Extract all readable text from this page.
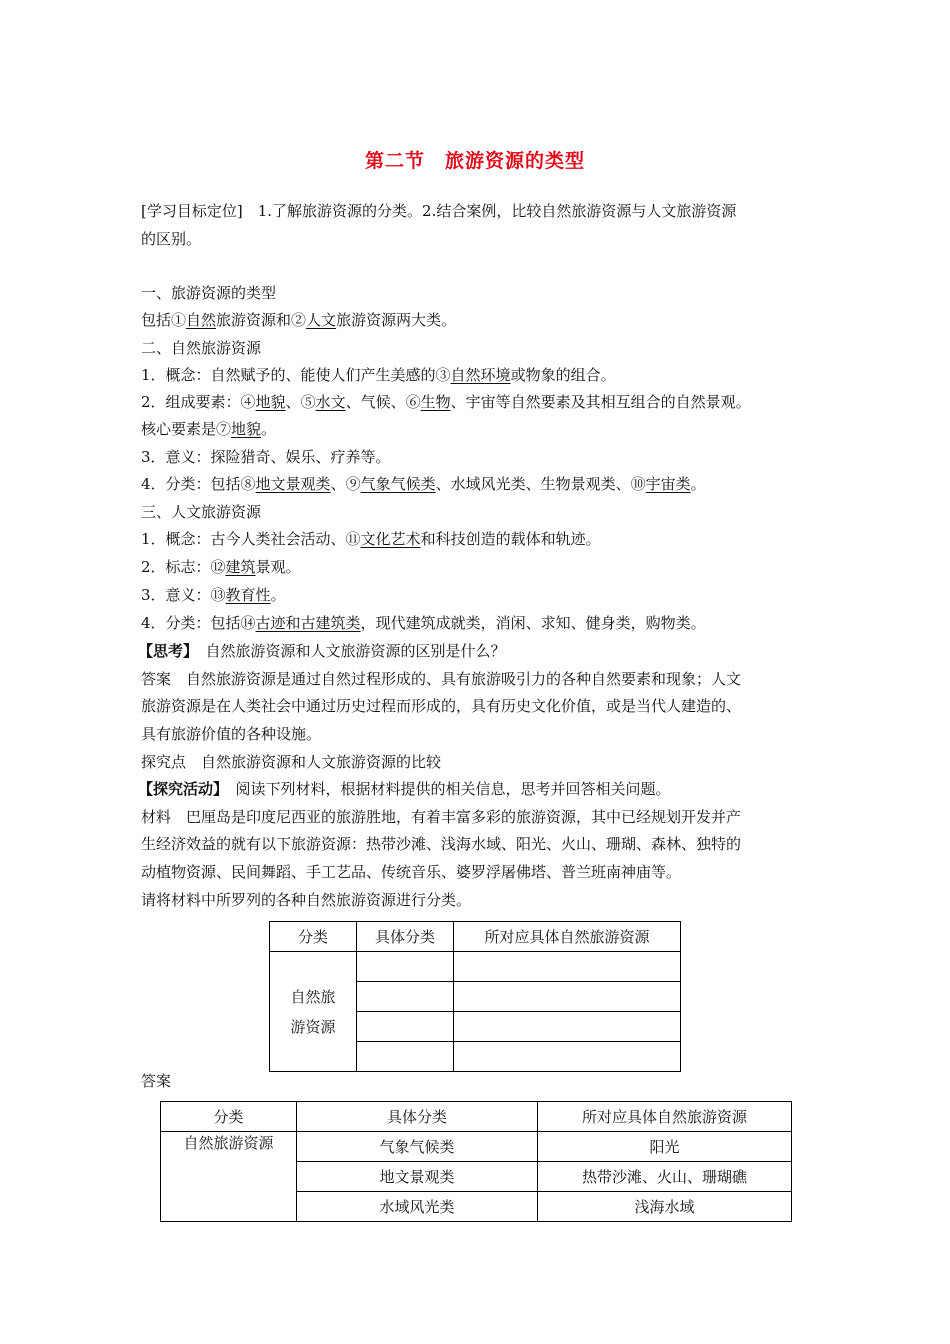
第二节　旅游资源的类型
[学习目标定位]　1.了解旅游资源的分类。2.结合案例，比较自然旅游资源与人文旅游资源
的区别。
一、旅游资源的类型
包括①自然旅游资源和②人文旅游资源两大类。
二、自然旅游资源
1．概念：自然赋予的、能使人们产生美感的③自然环境或物象的组合。
2．组成要素：④地貌、⑤水文、气候、⑥生物、宇宙等自然要素及其相互组合的自然景观。
核心要素是⑦地貌。
3．意义：探险猎奇、娱乐、疗养等。
4．分类：包括⑧地文景观类、⑨气象气候类、水域风光类、生物景观类、⑩宇宙类。
三、人文旅游资源
1．概念：古今人类社会活动、⑪文化艺术和科技创造的载体和轨迹。
2．标志：⑫建筑景观。
3．意义：⑬教育性。
4．分类：包括⑭古迹和古建筑类，现代建筑成就类，消闲、求知、健身类，购物类。
【思考】　自然旅游资源和人文旅游资源的区别是什么？
答案　自然旅游资源是通过自然过程形成的、具有旅游吸引力的各种自然要素和现象；人文
旅游资源是在人类社会中通过历史过程而形成的，具有历史文化价值，或是当代人建造的、
具有旅游价值的各种设施。
探究点　自然旅游资源和人文旅游资源的比较
【探究活动】　阅读下列材料，根据材料提供的相关信息，思考并回答相关问题。
材料　巴厘岛是印度尼西亚的旅游胜地，有着丰富多彩的旅游资源，其中已经规划开发并产
生经济效益的就有以下旅游资源：热带沙滩、浅海水域、阳光、火山、珊瑚、森林、独特的
动植物资源、民间舞蹈、手工艺品、传统音乐、婆罗浮屠佛塔、普兰班南神庙等。
请将材料中所罗列的各种自然旅游资源进行分类。
分类	具体分类	所对应具体自然旅游资源
自然旅
游资源		

答案
分类	具体分类	所对应具体自然旅游资源
自然旅游资源	气象气候类	阳光
	地文景观类	热带沙滩、火山、珊瑚礁
	水域风光类	浅海水域
